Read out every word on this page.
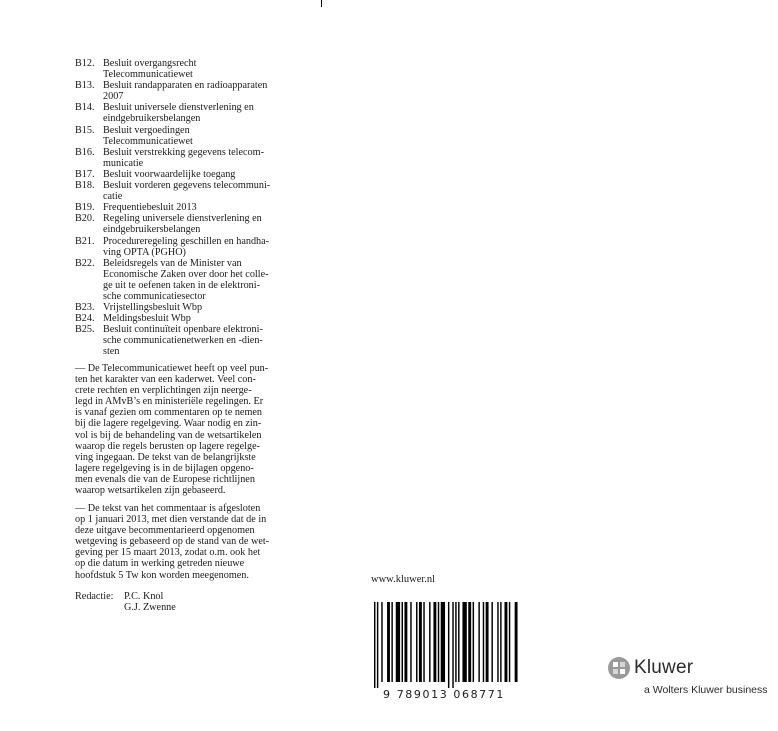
B12. Besluit overgangsrecht
Telecommunicatiewet
B13. Besluit randapparaten en radioapparaten
2007
B14. Besluit universele dienstverlening en
eindgebruikersbelangen
B15. Besluit vergoedingen
Telecommunicatiewet
B16. Besluit verstrekking gegevens telecom-
municatie
B17. Besluit voorwaardelijke toegang
B18. Besluit vorderen gegevens telecommuni-
catie
B19. Frequentiebesluit 2013
B20. Regeling universele dienstverlening en
eindgebruikersbelangen
B21. Procedureregeling geschillen en handha-
ving OPTA (PGHO)
B22. Beleidsregels van de Minister van
Economische Zaken over door het colle-
ge uit te oefenen taken in de elektroni-
sche communicatiesector
B23. Vrijstellingsbesluit Wbp
B24. Meldingsbesluit Wbp
B25. Besluit continuïteit openbare elektroni-
sche communicatienetwerken en -dien-
sten
— De Telecommunicatiewet heeft op veel pun-
ten het karakter van een kaderwet. Veel con-
crete rechten en verplichtingen zijn neerge-
legd in AMvB’s en ministeriële regelingen. Er
is vanaf gezien om commentaren op te nemen
bij die lagere regelgeving. Waar nodig en zin-
vol is bij de behandeling van de wetsartikelen
waarop die regels berusten op lagere regelge-
ving ingegaan. De tekst van de belangrijkste
lagere regelgeving is in de bijlagen opgeno-
men evenals die van de Europese richtlijnen
waarop wetsartikelen zijn gebaseerd.
— De tekst van het commentaar is afgesloten
op 1 januari 2013, met dien verstande dat de in
deze uitgave becommentarieerd opgenomen
wetgeving is gebaseerd op de stand van de wet-
geving per 15 maart 2013, zodat o.m. ook het
op die datum in werking getreden nieuwe
hoofdstuk 5 Tw kon worden meegenomen.
Redactie:	P.C. Knol
G.J. Zwenne
www.kluwer.nl
9 789013 068771
Kluwer
a Wolters Kluwer business
